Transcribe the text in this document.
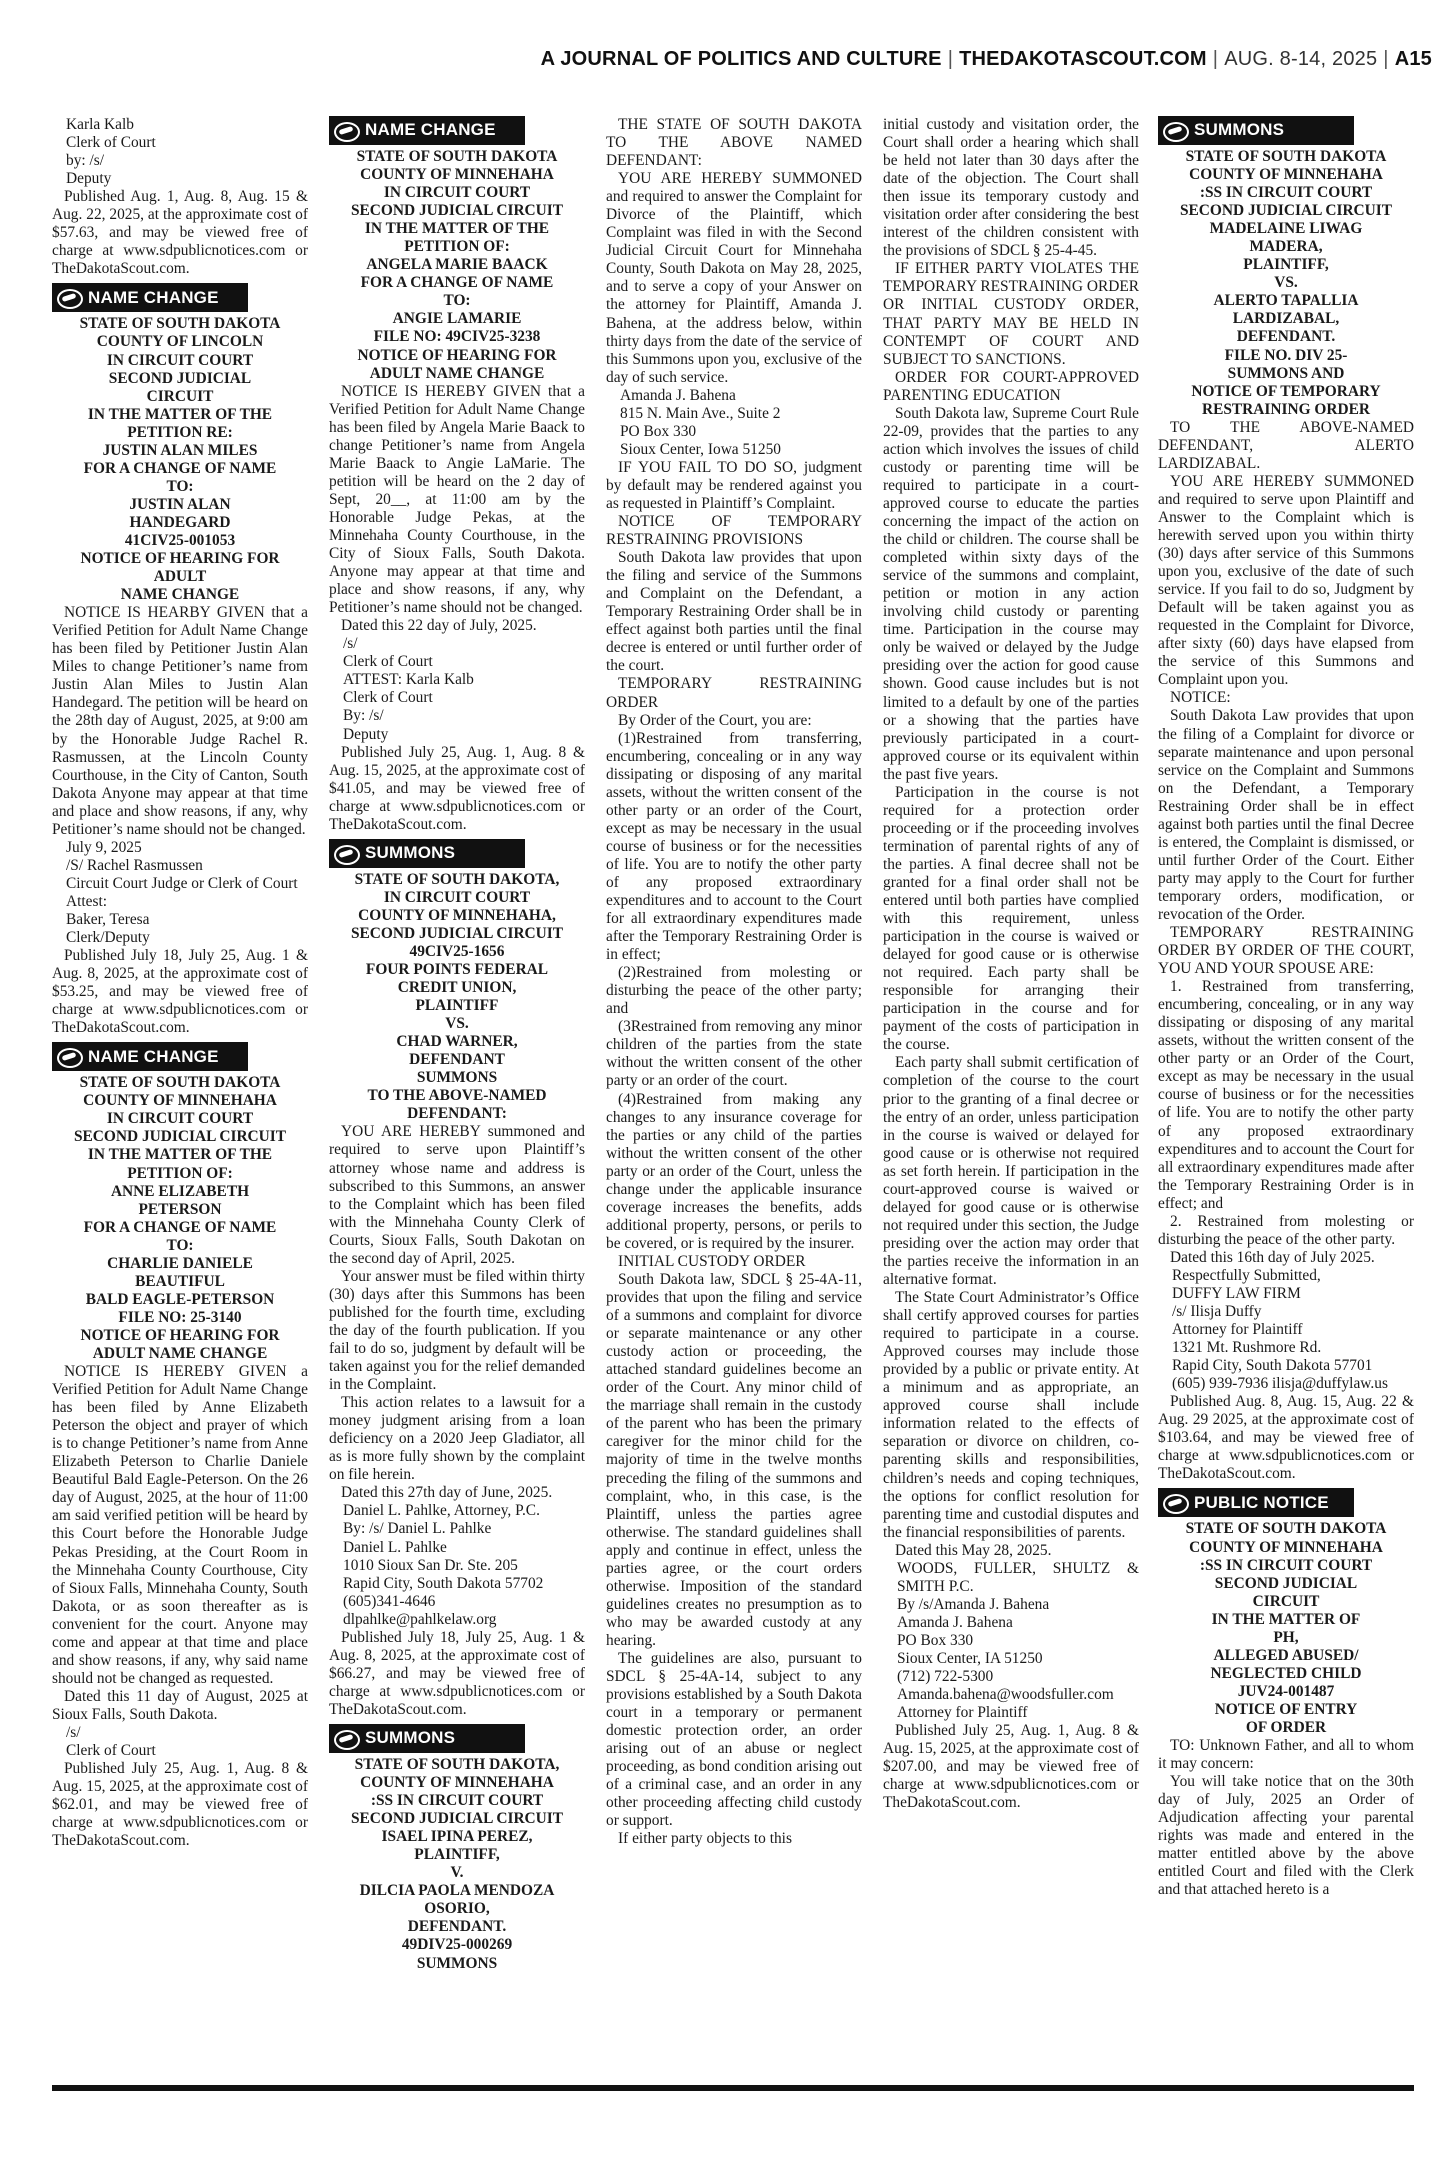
A JOURNAL OF POLITICS AND CULTURE | THEDAKOTASCOUT.COM | AUG. 8-14, 2025 | A15

Karla Kalb

Clerk of Court

by: /s/

Deputy

Published Aug. 1, Aug. 8, Aug. 15 & Aug. 22, 2025, at the approximate cost of $57.63, and may be viewed free of charge at www.sdpublicnotices.com or TheDakotaScout.com.

NAME CHANGE

STATE OF SOUTH DAKOTA

COUNTY OF LINCOLN

IN CIRCUIT COURT

SECOND JUDICIAL

CIRCUIT

IN THE MATTER OF THE

PETITION RE:

JUSTIN ALAN MILES

FOR A CHANGE OF NAME

TO:

JUSTIN ALAN

HANDEGARD

41CIV25-001053

NOTICE OF HEARING FOR

ADULT

NAME CHANGE

NOTICE IS HEARBY GIVEN that a Verified Petition for Adult Name Change has been filed by Petitioner Justin Alan Miles to change Petitioner’s name from Justin Alan Miles to Justin Alan Handegard. The petition will be heard on the 28th day of August, 2025, at 9:00 am by the Honorable Judge Rachel R. Rasmussen, at the Lincoln County Courthouse, in the City of Canton, South Dakota Anyone may appear at that time and place and show reasons, if any, why Petitioner’s name should not be changed.

July 9, 2025

/S/ Rachel Rasmussen

Circuit Court Judge or Clerk of Court

Attest:

Baker, Teresa

Clerk/Deputy

Published July 18, July 25, Aug. 1 & Aug. 8, 2025, at the approximate cost of $53.25, and may be viewed free of charge at www.sdpublicnotices.com or TheDakotaScout.com.

NAME CHANGE

STATE OF SOUTH DAKOTA

COUNTY OF MINNEHAHA

IN CIRCUIT COURT

SECOND JUDICIAL CIRCUIT

IN THE MATTER OF THE

PETITION OF:

ANNE ELIZABETH

PETERSON

FOR A CHANGE OF NAME

TO:

CHARLIE DANIELE

BEAUTIFUL

BALD EAGLE-PETERSON

FILE NO: 25-3140

NOTICE OF HEARING FOR

ADULT NAME CHANGE

NOTICE IS HEREBY GIVEN a Verified Petition for Adult Name Change has been filed by Anne Elizabeth Peterson the object and prayer of which is to change Petitioner’s name from Anne Elizabeth Peterson to Charlie Daniele Beautiful Bald Eagle-Peterson. On the 26 day of August, 2025, at the hour of 11:00 am said verified petition will be heard by this Court before the Honorable Judge Pekas Presiding, at the Court Room in the Minnehaha County Courthouse, City of Sioux Falls, Minnehaha County, South Dakota, or as soon thereafter as is convenient for the court. Anyone may come and appear at that time and place and show reasons, if any, why said name should not be changed as requested.

Dated this 11 day of August, 2025 at Sioux Falls, South Dakota.

/s/

Clerk of Court

Published July 25, Aug. 1, Aug. 8 & Aug. 15, 2025, at the approximate cost of $62.01, and may be viewed free of charge at www.sdpublicnotices.com or TheDakotaScout.com.

NAME CHANGE

STATE OF SOUTH DAKOTA

COUNTY OF MINNEHAHA

IN CIRCUIT COURT

SECOND JUDICIAL CIRCUIT

IN THE MATTER OF THE

PETITION OF:

ANGELA MARIE BAACK

FOR A CHANGE OF NAME

TO:

ANGIE LAMARIE

FILE NO: 49CIV25-3238

NOTICE OF HEARING FOR

ADULT NAME CHANGE

NOTICE IS HEREBY GIVEN that a Verified Petition for Adult Name Change has been filed by Angela Marie Baack to change Petitioner’s name from Angela Marie Baack to Angie LaMarie. The petition will be heard on the 2 day of Sept, 20__, at 11:00 am by the Honorable Judge Pekas, at the Minnehaha County Courthouse, in the City of Sioux Falls, South Dakota. Anyone may appear at that time and place and show reasons, if any, why Petitioner’s name should not be changed.

Dated this 22 day of July, 2025.

/s/

Clerk of Court

ATTEST: Karla Kalb

Clerk of Court

By: /s/

Deputy

Published July 25, Aug. 1, Aug. 8 & Aug. 15, 2025, at the approximate cost of $41.05, and may be viewed free of charge at www.sdpublicnotices.com or TheDakotaScout.com.

SUMMONS

STATE OF SOUTH DAKOTA,

IN CIRCUIT COURT

COUNTY OF MINNEHAHA,

SECOND JUDICIAL CIRCUIT

49CIV25-1656

FOUR POINTS FEDERAL

CREDIT UNION,

PLAINTIFF

VS.

CHAD WARNER,

DEFENDANT

SUMMONS

TO THE ABOVE-NAMED

DEFENDANT:

YOU ARE HEREBY summoned and required to serve upon Plaintiff’s attorney whose name and address is subscribed to this Summons, an answer to the Complaint which has been filed with the Minnehaha County Clerk of Courts, Sioux Falls, South Dakotan on the second day of April, 2025.

Your answer must be filed within thirty (30) days after this Summons has been published for the fourth time, excluding the day of the fourth publication. If you fail to do so, judgment by default will be taken against you for the relief demanded in the Complaint.

This action relates to a lawsuit for a money judgment arising from a loan deficiency on a 2020 Jeep Gladiator, all as is more fully shown by the complaint on file herein.

Dated this 27th day of June, 2025.

Daniel L. Pahlke, Attorney, P.C.

By: /s/ Daniel L. Pahlke

Daniel L. Pahlke

1010 Sioux San Dr. Ste. 205

Rapid City, South Dakota 57702

(605)341-4646

dlpahlke@pahlkelaw.org

Published July 18, July 25, Aug. 1 & Aug. 8, 2025, at the approximate cost of $66.27, and may be viewed free of charge at www.sdpublicnotices.com or TheDakotaScout.com.

SUMMONS

STATE OF SOUTH DAKOTA,

COUNTY OF MINNEHAHA

:SS IN CIRCUIT COURT

SECOND JUDICIAL CIRCUIT

ISAEL IPINA PEREZ,

PLAINTIFF,

V.

DILCIA PAOLA MENDOZA

OSORIO,

DEFENDANT.

49DIV25-000269

SUMMONS

THE STATE OF SOUTH DAKOTA TO THE ABOVE NAMED DEFENDANT:

YOU ARE HEREBY SUMMONED and required to answer the Complaint for Divorce of the Plaintiff, which Complaint was filed in with the Second Judicial Circuit Court for Minnehaha County, South Dakota on May 28, 2025, and to serve a copy of your Answer on the attorney for Plaintiff, Amanda J. Bahena, at the address below, within thirty days from the date of the service of this Summons upon you, exclusive of the day of such service.

Amanda J. Bahena

815 N. Main Ave., Suite 2

PO Box 330

Sioux Center, Iowa 51250

IF YOU FAIL TO DO SO, judgment by default may be rendered against you as requested in Plaintiff’s Complaint.

NOTICE OF TEMPORARY RESTRAINING PROVISIONS

South Dakota law provides that upon the filing and service of the Summons and Complaint on the Defendant, a Temporary Restraining Order shall be in effect against both parties until the final decree is entered or until further order of the court.

TEMPORARY RESTRAINING ORDER

By Order of the Court, you are:

(1)Restrained from transferring, encumbering, concealing or in any way dissipating or disposing of any marital assets, without the written consent of the other party or an order of the Court, except as may be necessary in the usual course of business or for the necessities of life. You are to notify the other party of any proposed extraordinary expenditures and to account to the Court for all extraordinary expenditures made after the Temporary Restraining Order is in effect;

(2)Restrained from molesting or disturbing the peace of the other party; and

(3Restrained from removing any minor children of the parties from the state without the written consent of the other party or an order of the court.

(4)Restrained from making any changes to any insurance coverage for the parties or any child of the parties without the written consent of the other party or an order of the Court, unless the change under the applicable insurance coverage increases the benefits, adds additional property, persons, or perils to be covered, or is required by the insurer.

INITIAL CUSTODY ORDER

South Dakota law, SDCL § 25-4A-11, provides that upon the filing and service of a summons and complaint for divorce or separate maintenance or any other custody action or proceeding, the attached standard guidelines become an order of the Court. Any minor child of the marriage shall remain in the custody of the parent who has been the primary caregiver for the minor child for the majority of time in the twelve months preceding the filing of the summons and complaint, who, in this case, is the Plaintiff, unless the parties agree otherwise. The standard guidelines shall apply and continue in effect, unless the parties agree, or the court orders otherwise. Imposition of the standard guidelines creates no presumption as to who may be awarded custody at any hearing.

The guidelines are also, pursuant to SDCL § 25-4A-14, subject to any provisions established by a South Dakota court in a temporary or permanent domestic protection order, an order arising out of an abuse or neglect proceeding, as bond condition arising out of a criminal case, and an order in any other proceeding affecting child custody or support.

If either party objects to this

initial custody and visitation order, the Court shall order a hearing which shall be held not later than 30 days after the date of the objection. The Court shall then issue its temporary custody and visitation order after considering the best interest of the children consistent with the provisions of SDCL § 25-4-45.

IF EITHER PARTY VIOLATES THE TEMPORARY RESTRAINING ORDER OR INITIAL CUSTODY ORDER, THAT PARTY MAY BE HELD IN CONTEMPT OF COURT AND SUBJECT TO SANCTIONS.

ORDER FOR COURT-APPROVED PARENTING EDUCATION

South Dakota law, Supreme Court Rule 22-09, provides that the parties to any action which involves the issues of child custody or parenting time will be required to participate in a court-approved course to educate the parties concerning the impact of the action on the child or children. The course shall be completed within sixty days of the service of the summons and complaint, petition or motion in any action involving child custody or parenting time. Participation in the course may only be waived or delayed by the Judge presiding over the action for good cause shown. Good cause includes but is not limited to a default by one of the parties or a showing that the parties have previously participated in a court-approved course or its equivalent within the past five years.

Participation in the course is not required for a protection order proceeding or if the proceeding involves termination of parental rights of any of the parties. A final decree shall not be granted for a final order shall not be entered until both parties have complied with this requirement, unless participation in the course is waived or delayed for good cause or is otherwise not required. Each party shall be responsible for arranging their participation in the course and for payment of the costs of participation in the course.

Each party shall submit certification of completion of the course to the court prior to the granting of a final decree or the entry of an order, unless participation in the course is waived or delayed for good cause or is otherwise not required as set forth herein. If participation in the court-approved course is waived or delayed for good cause or is otherwise not required under this section, the Judge presiding over the action may order that the parties receive the information in an alternative format.

The State Court Administrator’s Office shall certify approved courses for parties required to participate in a course. Approved courses may include those provided by a public or private entity. At a minimum and as appropriate, an approved course shall include information related to the effects of separation or divorce on children, co-parenting skills and responsibilities, children’s needs and coping techniques, the options for conflict resolution for parenting time and custodial disputes and the financial responsibilities of parents.

Dated this May 28, 2025.

WOODS, FULLER, SHULTZ & SMITH P.C.

By /s/Amanda J. Bahena

Amanda J. Bahena

PO Box 330

Sioux Center, IA 51250

(712) 722-5300

Amanda.bahena@woodsfuller.com

Attorney for Plaintiff

Published July 25, Aug. 1, Aug. 8 & Aug. 15, 2025, at the approximate cost of $207.00, and may be viewed free of charge at www.sdpublicnotices.com or TheDakotaScout.com.

SUMMONS

STATE OF SOUTH DAKOTA

COUNTY OF MINNEHAHA

:SS IN CIRCUIT COURT

SECOND JUDICIAL CIRCUIT

MADELAINE LIWAG

MADERA,

PLAINTIFF,

VS.

ALERTO TAPALLIA

LARDIZABAL,

DEFENDANT.

FILE NO. DIV 25-

SUMMONS AND

NOTICE OF TEMPORARY

RESTRAINING ORDER

TO THE ABOVE-NAMED DEFENDANT, ALERTO LARDIZABAL.

YOU ARE HEREBY SUMMONED and required to serve upon Plaintiff and Answer to the Complaint which is herewith served upon you within thirty (30) days after service of this Summons upon you, exclusive of the date of such service. If you fail to do so, Judgment by Default will be taken against you as requested in the Complaint for Divorce, after sixty (60) days have elapsed from the service of this Summons and Complaint upon you.

NOTICE:

South Dakota Law provides that upon the filing of a Complaint for divorce or separate maintenance and upon personal service on the Complaint and Summons on the Defendant, a Temporary Restraining Order shall be in effect against both parties until the final Decree is entered, the Complaint is dismissed, or until further Order of the Court. Either party may apply to the Court for further temporary orders, modification, or revocation of the Order.

TEMPORARY RESTRAINING ORDER BY ORDER OF THE COURT, YOU AND YOUR SPOUSE ARE:

1. Restrained from transferring, encumbering, concealing, or in any way dissipating or disposing of any marital assets, without the written consent of the other party or an Order of the Court, except as may be necessary in the usual course of business or for the necessities of life. You are to notify the other party of any proposed extraordinary expenditures and to account the Court for all extraordinary expenditures made after the Temporary Restraining Order is in effect; and

2. Restrained from molesting or disturbing the peace of the other party.

Dated this 16th day of July 2025.

Respectfully Submitted,

DUFFY LAW FIRM

/s/ Ilisja Duffy

Attorney for Plaintiff

1321 Mt. Rushmore Rd.

Rapid City, South Dakota 57701

(605) 939-7936 ilisja@duffylaw.us

Published Aug. 8, Aug. 15, Aug. 22 & Aug. 29 2025, at the approximate cost of $103.64, and may be viewed free of charge at www.sdpublicnotices.com or TheDakotaScout.com.

PUBLIC NOTICE

STATE OF SOUTH DAKOTA

COUNTY OF MINNEHAHA

:SS IN CIRCUIT COURT

SECOND JUDICIAL

CIRCUIT

IN THE MATTER OF

PH,

ALLEGED ABUSED/

NEGLECTED CHILD

JUV24-001487

NOTICE OF ENTRY

OF ORDER

TO: Unknown Father, and all to whom it may concern:

You will take notice that on the 30th day of July, 2025 an Order of Adjudication affecting your parental rights was made and entered in the matter entitled above by the above entitled Court and filed with the Clerk and that attached hereto is a
